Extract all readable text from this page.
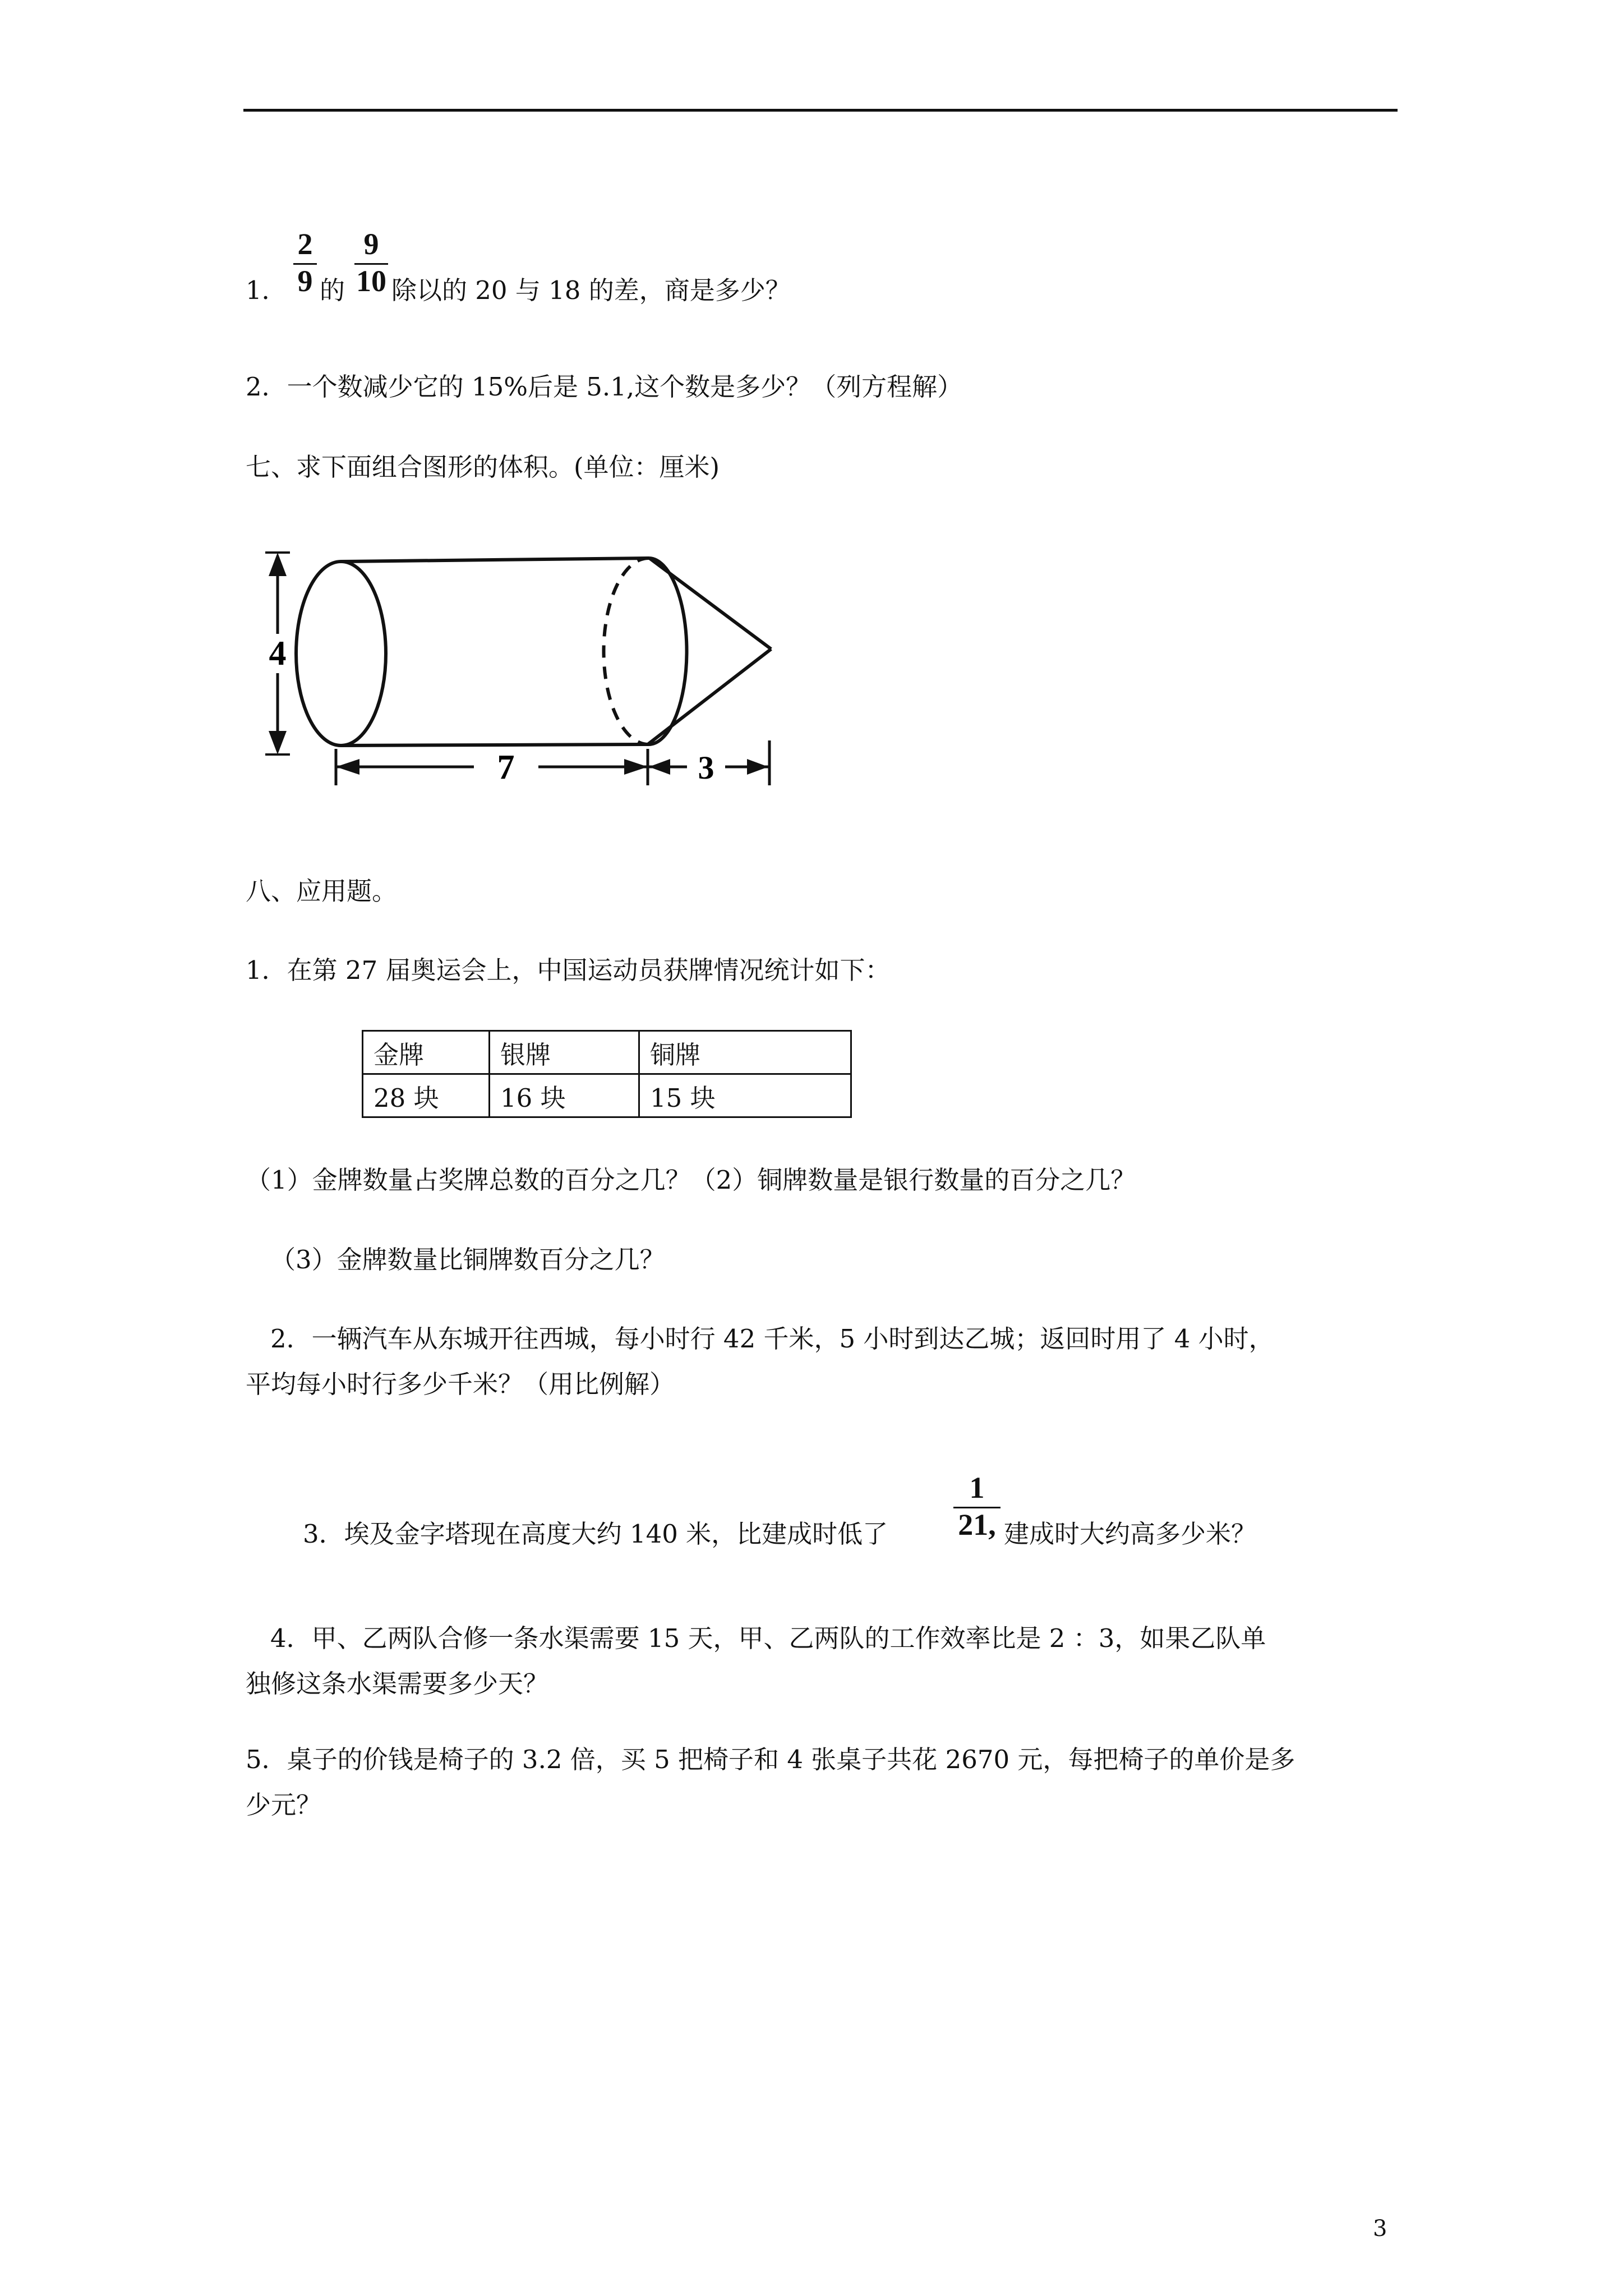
2
9
9
10
1． 的 除以的 20 与 18 的差，商是多少？
2．一个数减少它的 15%后是 5.1,这个数是多少？（列方程解）
七、求下面组合图形的体积。(单位：厘米)
4
7	3
八、应用题。
1．在第 27 届奥运会上，中国运动员获牌情况统计如下：
金牌	银牌	铜牌
28 块	16 块	15 块
（1）金牌数量占奖牌总数的百分之几？（2）铜牌数量是银行数量的百分之几？
（3）金牌数量比铜牌数百分之几？
2．一辆汽车从东城开往西城，每小时行 42 千米，5 小时到达乙城；返回时用了 4 小时，
平均每小时行多少千米？（用比例解）
3．埃及金字塔现在高度大约 140 米，比建成时低了
1
21, 建成时大约高多少米？
4．甲、乙两队合修一条水渠需要 15 天，甲、乙两队的工作效率比是 2 ：3，如果乙队单
独修这条水渠需要多少天？
5．桌子的价钱是椅子的 3.2 倍，买 5 把椅子和 4 张桌子共花 2670 元，每把椅子的单价是多
少元？
3
